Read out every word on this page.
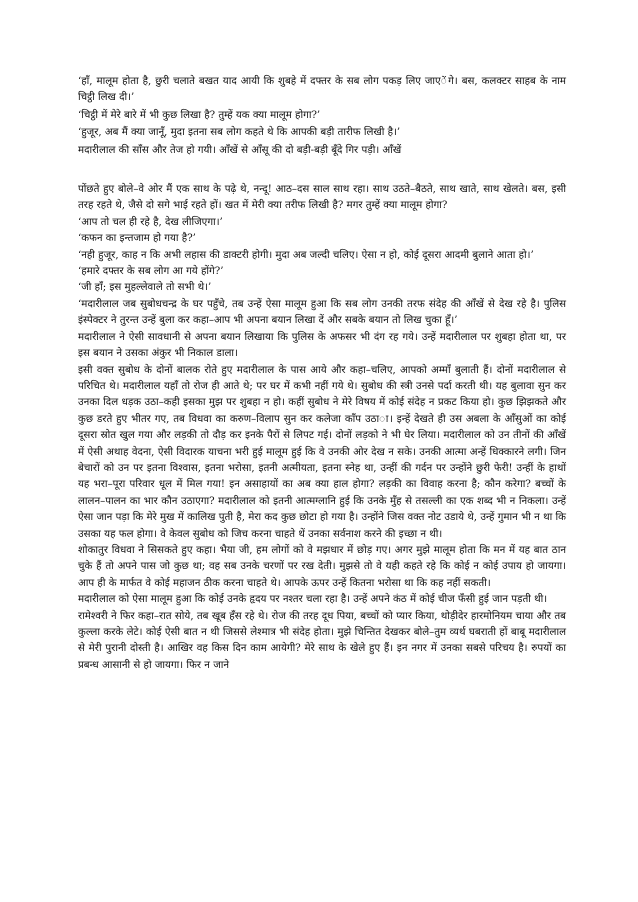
‘हाँ, मालूम होता है, छुरी चलाते बखत याद आयी कि शुबहे में दफ्तर के सब लोग पकड़ लिए जाए◌ेंगे। बस, कलक्टर साहब के नाम चिट्ठी लिख दी।’

‘चिट्ठी में मेरे बारे में भी कुछ लिखा है? तुम्हें यक क्या मालूम होगा?’

‘हुजूर, अब मैं क्या जानूँ, मुदा इतना सब लोग कहते थे कि आपकी बड़ी तारीफ लिखी है।’

मदारीलाल की साँस और तेज हो गयी। आँखें से आँसू की दो बड़ी-बड़ी बूँदे गिर पड़ी। आँखें

पोंछते हुए बोले–वे ओर मैं एक साथ के पढ़े थे, नन्दू! आठ–दस साल साथ रहा। साथ उठते–बैठते, साथ खाते, साथ खेलते। बस, इसी तरह रहते थे, जैसे दो सगे भाई रहते हों। खत में मेरी क्या तरीफ लिखी है? मगर तुम्हें क्या मालूम होगा?

‘आप तो चल ही रहे है, देख लीजिएगा।’

‘कफन का इन्तजाम हो गया है?’

‘नही हुजूर, काह न कि अभी लहास की डाक्टरी होगी। मुदा अब जल्दी चलिए। ऐसा न हो, कोई दूसरा आदमी बुलाने आता हो।’

‘हमारे दफ्तर के सब लोग आ गये होंगे?’

‘जी हाँ; इस मुहल्लेवाले तो सभी थे।’

‘मदारीलाल जब सुबोधचन्द्र के घर पहुँचे, तब उन्हें ऐसा मालूम हुआ कि सब लोग उनकी तरफ संदेह की आँखें से देख रहे है। पुलिस इंस्पेक्टर ने तुरन्त उन्हें बुला कर कहा–आप भी अपना बयान लिखा दें और सबके बयान तो लिख चुका हूँ।’

मदारीलाल ने ऐसी सावधानी से अपना बयान लिखाया कि पुलिस के अफसर भी दंग रह गये। उन्हें मदारीलाल पर शुबहा होता था, पर इस बयान ने उसका अंकुर भी निकाल डाला।

इसी वक्त सुबोध के दोनों बालक रोते हुए मदारीलाल के पास आये और कहा–चलिए, आपको अम्माँ बुलाती हैं। दोनों मदारीलाल से परिचित थे। मदारीलाल यहाँ तो रोज ही आते थे; पर घर में कभी नहीं गये थे। सुबोध की स्त्री उनसे पर्दा करती थी। यह बुलावा सुन कर उनका दिल धड़क उठा–कही इसका मुझ पर शुबहा न हो। कहीं सुबोध ने मेरे विषय में कोई संदेह न प्रकट किया हो। कुछ झिझकते और कुछ डरते हुए भीतर गए, तब विधवा का करुण–विलाप सुन कर कलेजा काँप उठा◌ा। इन्हें देखते ही उस अबला के आँसुओं का कोई दूसरा स्रोत खुल गया और लड़की तो दौड़ कर इनके पैरों से लिपट गई। दोनों लड़को ने भी घेर लिया। मदारीलाल को उन तीनों की आँखें में ऐसी अथाह वेदना, ऐसी विदारक याचना भरी हुई मालूम हुई कि वे उनकी ओर देख न सके। उनकी आत्मा अन्हें धिक्कारने लगी। जिन बेचारों को उन पर इतना विश्वास, इतना भरोसा, इतनी अत्मीयता, इतना स्नेह था, उन्हीं की गर्दन पर उन्होंने छुरी फेरी! उन्हीं के हाथों यह भरा–पूरा परिवार धूल में मिल गया! इन असाहायों का अब क्या हाल होगा? लड़की का विवाह करना है; कौन करेगा? बच्चों के लालन–पालन का भार कौन उठाएगा? मदारीलाल को इतनी आत्मग्लानि हुई कि उनके मुँह से तसल्ली का एक शब्द भी न निकला। उन्हें ऐसा जान पड़ा कि मेरे मुख में कालिख पुती है, मेरा कद कुछ छोटा हो गया है। उन्होंने जिस वक्त नोट उडाये थे, उन्हें गुमान भी न था कि उसका यह फल होगा। वे केवल सुबोध को जिच करना चाहते थें उनका सर्वनाश करने की इच्छा न थी।

शोकातुर विधवा ने सिसकते हुए कहा। भैया जी, हम लोगों को वे मझधार में छोड़ गए। अगर मुझे मालूम होता कि मन में यह बात ठान चुके हैं तो अपने पास जो कुछ था; वह सब उनके चरणों पर रख देती। मुझसे तो वे यही कहते रहे कि कोई न कोई उपाय हो जायगा। आप ही के मार्फत वे कोई महाजन ठीक करना चाहते थे। आपके ऊपर उन्हें कितना भरोसा था कि कह नहीं सकती।

मदारीलाल को ऐसा मालूम हुआ कि कोई उनके हृदय पर नश्तर चला रहा है। उन्हें अपने कंठ में कोई चीज फँसी हुई जान पड़ती थी।

रामेश्वरी ने फिर कहा–रात सोये, तब खूब हँस रहे थे। रोज की तरह दूध पिया, बच्चों को प्यार किया, थोड़ीदेर हारमोनियम चाया और तब कुल्ला करके लेटे। कोई ऐसी बात न थी जिससे लेश्मात्र भी संदेह होता। मुझे चिन्तित देखकर बोले–तुम व्यर्थ घबराती हों बाबू मदारीलाल से मेरी पुरानी दोस्ती है। आखिर वह किस दिन काम आयेगी? मेरे साथ के खेले हुए हैं। इन नगर में उनका सबसे परिचय है। रुपयों का प्रबन्ध आसानी से हो जायगा। फिर न जाने
